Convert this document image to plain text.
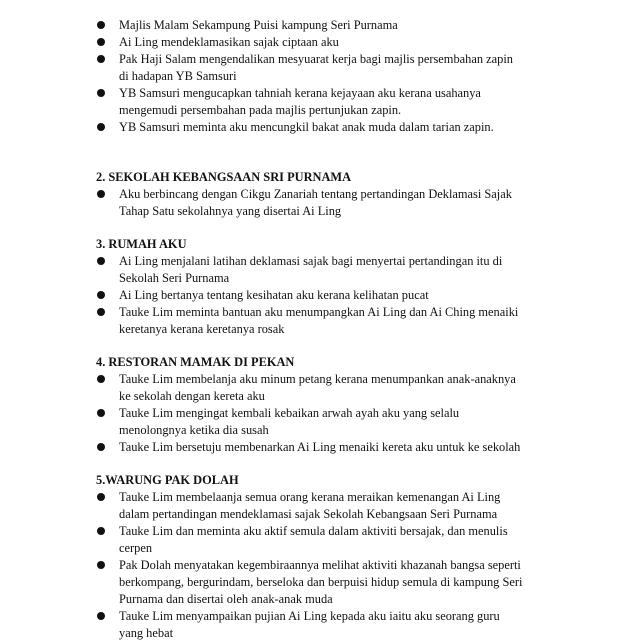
Majlis Malam Sekampung Puisi kampung Seri Purnama
Ai Ling mendeklamasikan sajak ciptaan aku
Pak Haji Salam mengendalikan mesyuarat kerja bagi majlis persembahan zapin
di hadapan YB Samsuri
YB Samsuri mengucapkan tahniah kerana kejayaan aku kerana usahanya
mengemudi persembahan pada majlis pertunjukan zapin.
YB Samsuri meminta aku mencungkil bakat anak muda dalam tarian zapin.
2. SEKOLAH KEBANGSAAN SRI PURNAMA
Aku berbincang dengan Cikgu Zanariah tentang pertandingan Deklamasi Sajak
Tahap Satu sekolahnya yang disertai Ai Ling
3. RUMAH AKU
Ai Ling menjalani latihan deklamasi sajak bagi menyertai pertandingan itu di
Sekolah Seri Purnama
Ai Ling bertanya tentang kesihatan aku kerana kelihatan pucat
Tauke Lim meminta bantuan aku menumpangkan Ai Ling dan Ai Ching menaiki
keretanya kerana keretanya rosak
4. RESTORAN MAMAK DI PEKAN
Tauke Lim membelanja aku minum petang kerana menumpankan anak-anaknya
ke sekolah dengan kereta aku
Tauke Lim mengingat kembali kebaikan arwah ayah aku yang selalu
menolongnya ketika dia susah
Tauke Lim bersetuju membenarkan Ai Ling menaiki kereta aku untuk ke sekolah
5.WARUNG PAK DOLAH
Tauke Lim membelaanja semua orang kerana meraikan kemenangan Ai Ling
dalam pertandingan mendeklamasi sajak Sekolah Kebangsaan Seri Purnama
Tauke Lim dan meminta aku aktif semula dalam aktiviti bersajak, dan menulis
cerpen
Pak Dolah menyatakan kegembiraannya melihat aktiviti khazanah bangsa seperti
berkompang, bergurindam, berseloka dan berpuisi hidup semula di kampung Seri
Purnama dan disertai oleh anak-anak muda
Tauke Lim menyampaikan pujian Ai Ling kepada aku iaitu aku seorang guru
yang hebat
